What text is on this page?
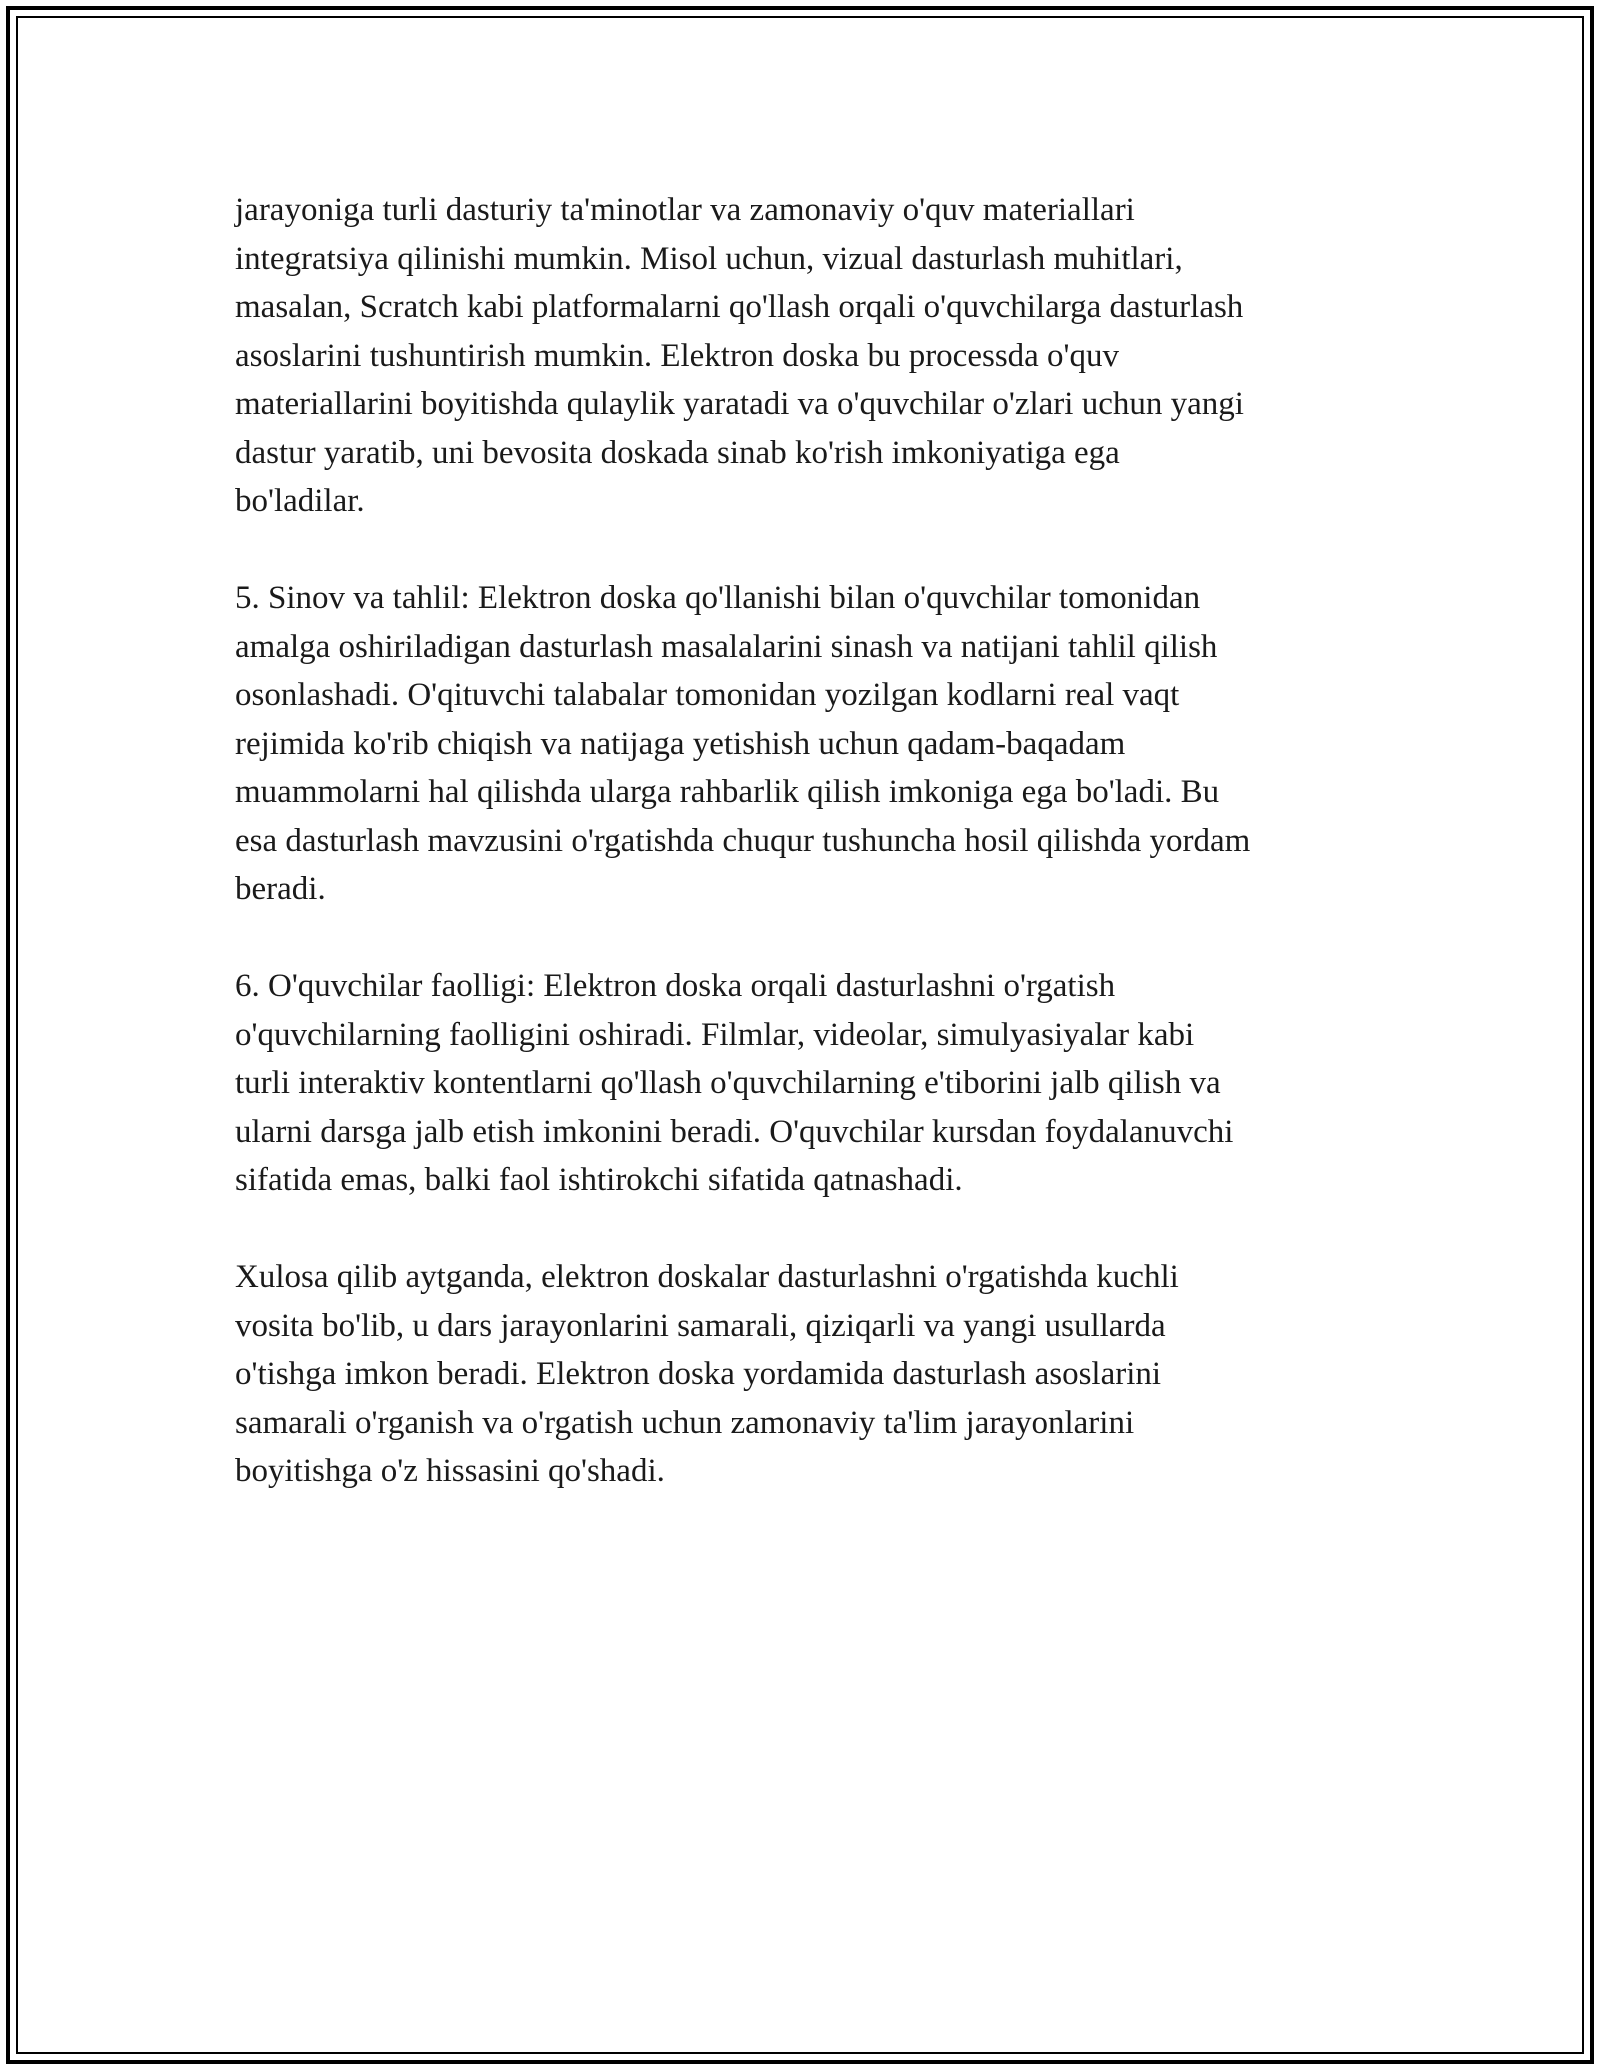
jarayoniga turli dasturiy ta'minotlar va zamonaviy o'quv materiallari
integratsiya qilinishi mumkin. Misol uchun, vizual dasturlash muhitlari,
masalan, Scratch kabi platformalarni qo'llash orqali o'quvchilarga dasturlash
asoslarini tushuntirish mumkin. Elektron doska bu processda o'quv
materiallarini boyitishda qulaylik yaratadi va o'quvchilar o'zlari uchun yangi
dastur yaratib, uni bevosita doskada sinab ko'rish imkoniyatiga ega
bo'ladilar.

5. Sinov va tahlil: Elektron doska qo'llanishi bilan o'quvchilar tomonidan
amalga oshiriladigan dasturlash masalalarini sinash va natijani tahlil qilish
osonlashadi. O'qituvchi talabalar tomonidan yozilgan kodlarni real vaqt
rejimida ko'rib chiqish va natijaga yetishish uchun qadam-baqadam
muammolarni hal qilishda ularga rahbarlik qilish imkoniga ega bo'ladi. Bu
esa dasturlash mavzusini o'rgatishda chuqur tushuncha hosil qilishda yordam
beradi.

6. O'quvchilar faolligi: Elektron doska orqali dasturlashni o'rgatish
o'quvchilarning faolligini oshiradi. Filmlar, videolar, simulyasiyalar kabi
turli interaktiv kontentlarni qo'llash o'quvchilarning e'tiborini jalb qilish va
ularni darsga jalb etish imkonini beradi. O'quvchilar kursdan foydalanuvchi
sifatida emas, balki faol ishtirokchi sifatida qatnashadi.

Xulosa qilib aytganda, elektron doskalar dasturlashni o'rgatishda kuchli
vosita bo'lib, u dars jarayonlarini samarali, qiziqarli va yangi usullarda
o'tishga imkon beradi. Elektron doska yordamida dasturlash asoslarini
samarali o'rganish va o'rgatish uchun zamonaviy ta'lim jarayonlarini
boyitishga o'z hissasini qo'shadi.
